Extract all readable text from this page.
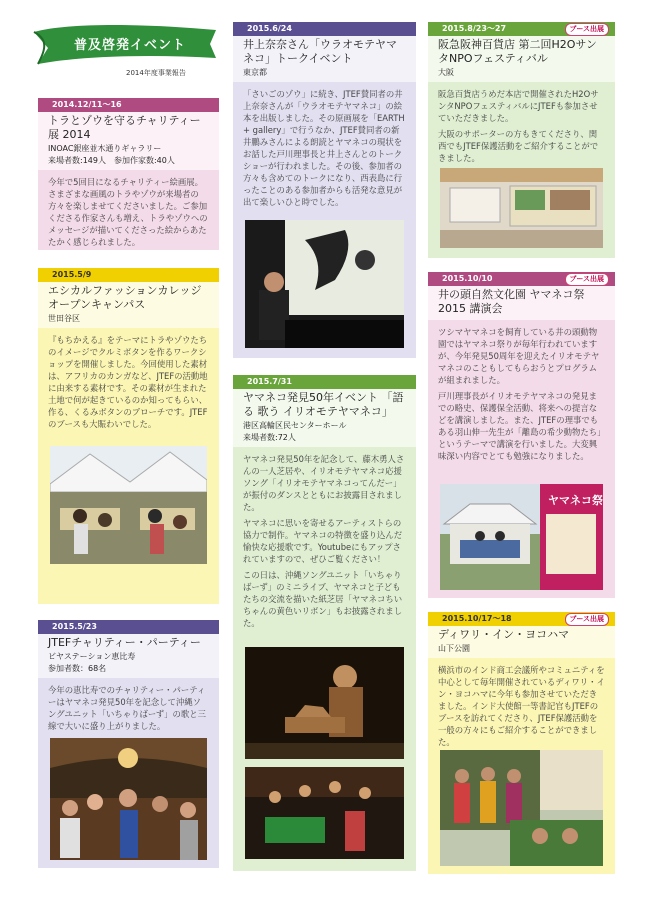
普及啓発イベント
2014年度事業報告
2014.12/11～16
トラとゾウを守るチャリティー展 2014
INOAC銀座並木通りギャラリー
来場者数:149人　参加作家数:40人
今年で5回目になるチャリティー絵画展。さまざまな画風のトラやゾウが来場者の方々を楽しませてくださいました。ご参加くださる作家さんも増え、トラやゾウへのメッセージが描いてくださった絵からあたたかく感じられました。
2015.5/9
エシカルファッションカレッジ オープンキャンパス
世田谷区
『もちかえる』をテーマにトラやゾウたちのイメージでクルミボタンを作るワークショップを開催しました。今回使用した素材は、アフリカのカンガなど、JTEFの活動地に由来する素材です。その素材が生まれた土地で何が起きているのか知ってもらい、作る、くるみボタンのブローチです。JTEFのブースも大賑わいでした。
2015.5/23
JTEFチャリティー・パーティー
ビヤステーション恵比寿
参加者数：68名
今年の恵比寿でのチャリティー・パーティーはヤマネコ発見50年を記念して沖縄ソングユニット「いちゃりばーず」の歌と三線で大いに盛り上がりました。
2015.6/24
井上奈奈さん「ウラオモテヤマネコ」トークイベント
東京都
「さいごのゾウ」に続き、JTEF賛同者の井上奈奈さんが「ウラオモテヤマネコ」の絵本を出版しました。その原画展を「EARTH + gallery」で行うなか、JTEF賛同者の新井鵬みさんによる朗読とヤマネコの現状をお話した戸川理事長と井上さんとのトークショーが行われました。その後、参加者の方々も含めてのトークになり、西表島に行ったことのある参加者からも活発な意見が出て楽しいひと時でした。
2015.7/31
ヤマネコ発見50年イベント 「語る 歌う イリオモテヤマネコ」
港区高輪区民センターホール
来場者数:72人
ヤマネコ発見50年を記念して、藤木勇人さんの一人芝居や、イリオモテヤマネコ応援ソング「イリオモテヤマネコってんだー」が振付のダンスとともにお披露目されました。
ヤマネコに思いを寄せるアーティストらの協力で制作。ヤマネコの特徴を盛り込んだ愉快な応援歌です。Youtubeにもアップされていますので、ぜひご覧ください！
この日は、沖縄ソングユニット「いちゃりばーず」のミニライブ、ヤマネコと子どもたちの交流を描いた紙芝居「ヤマネコちいちゃんの黄色いリボン」もお披露されました。
2015.8/23～27	ブース出展
阪急阪神百貨店 第二回H2OサンタNPOフェスティバル
大阪
阪急百貨店うめだ本店で開催されたH2OサンタNPOフェスティバルにJTEFも参加させていただきました。
大阪のサポーターの方もきてくださり、関西でもJTEF保護活動をご紹介することができました。
2015.10/10	ブース出展
井の頭自然文化園 ヤマネコ祭2015 講演会
ツシマヤマネコを飼育している井の頭動物園ではヤマネコ祭りが毎年行われていますが、今年発見50周年を迎えたイリオモテヤマネコのこともしてもらおうとプログラムが組まれました。
戸川理事長がイリオモテヤマネコの発見までの略史、保護保全活動、将来への提言などを講演しました。また、JTEFの理事でもある羽山伸一先生が「離島の希少動物たち」というテーマで講演を行いました。大変興味深い内容でとても勉強になりました。
ヤマネコ祭
2015.10/17～18	ブース出展
ディワリ・イン・ヨコハマ
山下公園
横浜市のインド商工会議所やコミュニティを中心として毎年開催されているディワリ・イン・ヨコハマに今年も参加させていただきました。インド大使館一等書記官もJTEFのブースを訪れてくださり、JTEF保護活動を一般の方々にもご紹介することができました。
